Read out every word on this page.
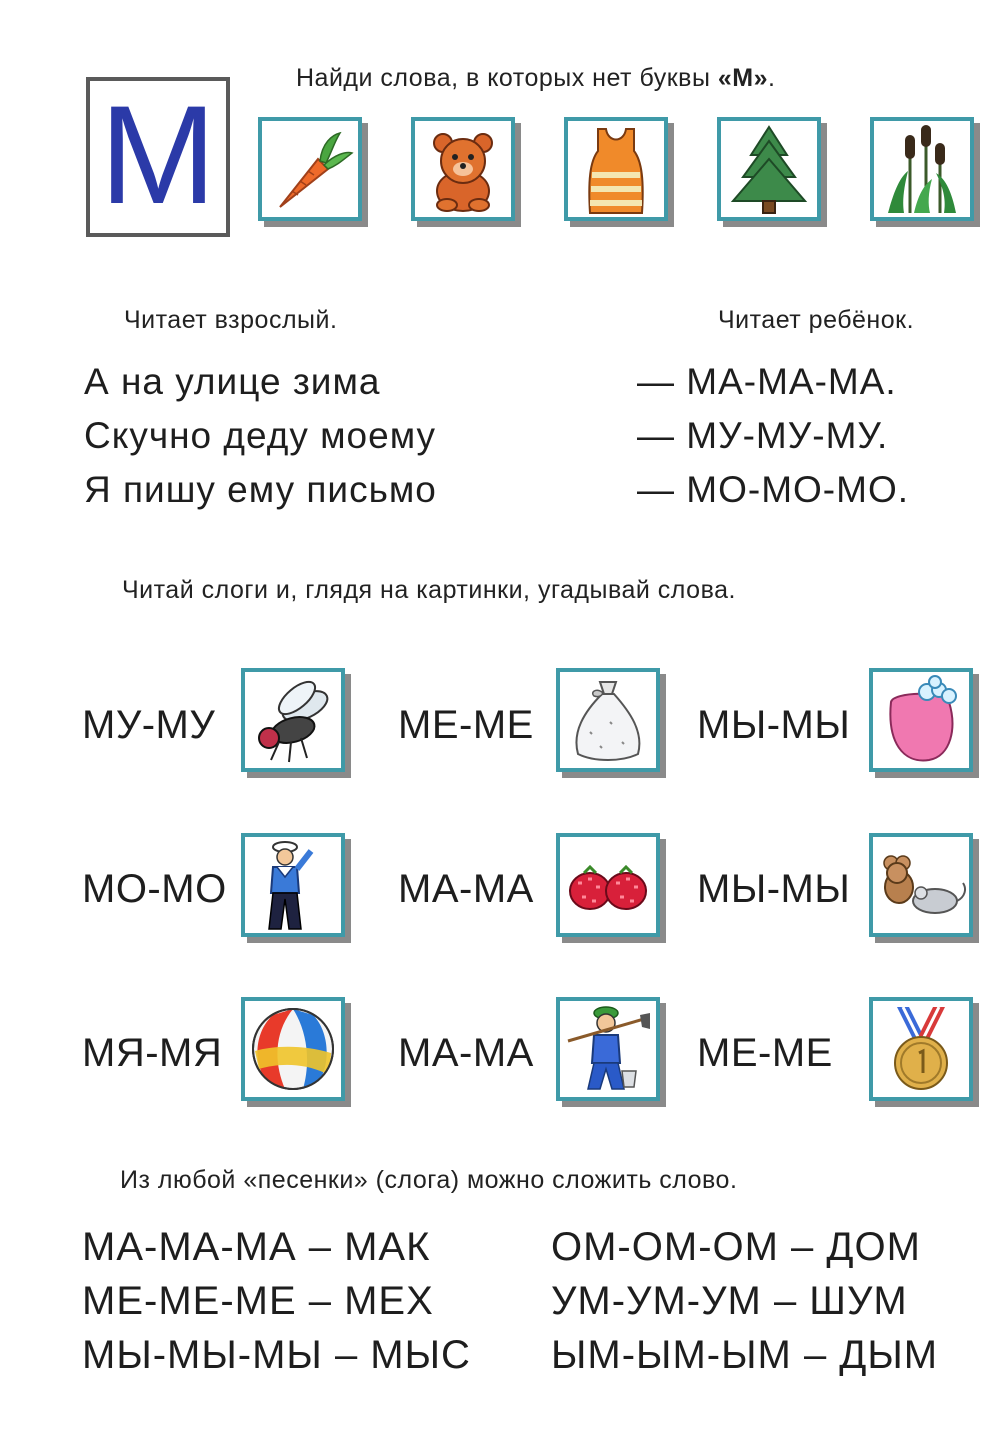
М	Найди слова, в которых нет буквы «М».
Читает взрослый.	Читает ребёнок.
А на улице зима	— МА-МА-МА.
Скучно деду моему	— МУ-МУ-МУ.
Я пишу ему письмо	— МО-МО-МО.
Читай слоги и, глядя на картинки, угадывай слова.
МУ-МУ	МЕ-МЕ	МЫ-МЫ
МО-МО	МА-МА	МЫ-МЫ
МЯ-МЯ	МА-МА	МЕ-МЕ
Из любой «песенки» (слога) можно сложить слово.
МА-МА-МА – МАК
МЕ-МЕ-МЕ – МЕХ
МЫ-МЫ-МЫ – МЫС
ОМ-ОМ-ОМ – ДОМ
УМ-УМ-УМ – ШУМ
ЫМ-ЫМ-ЫМ – ДЫМ
